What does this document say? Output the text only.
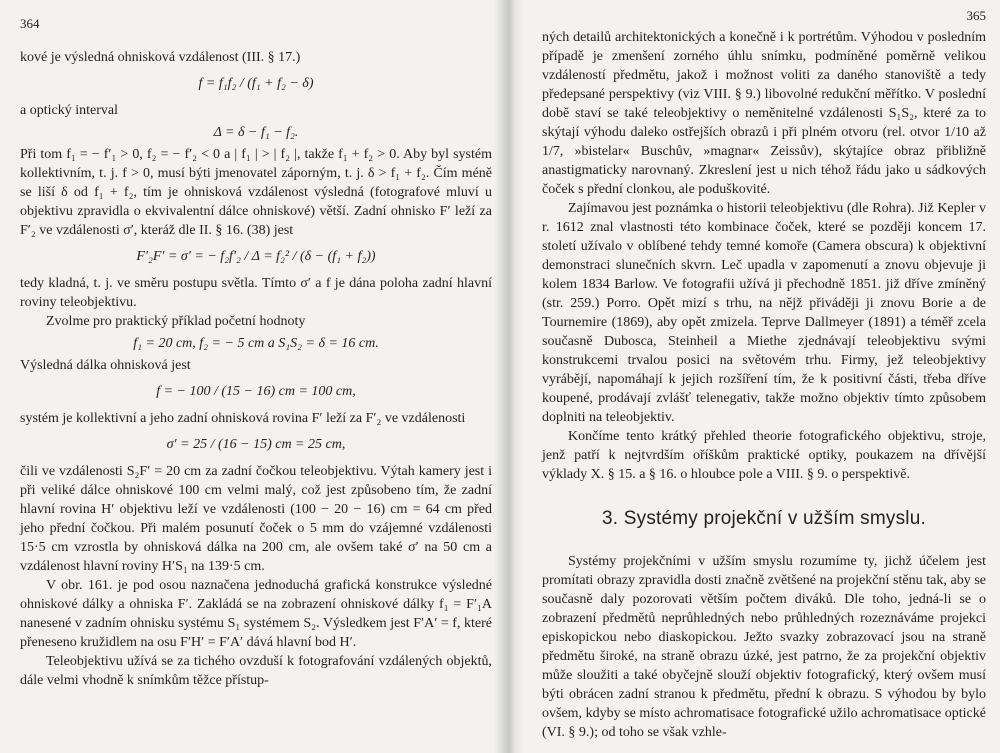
364

kové je výsledná ohnisková vzdálenost (III. § 17.)

f = f₁f₂ / (f₁ + f₂ − δ)

a optický interval

Δ = δ − f₁ − f₂.

Při tom f₁ = − f′₁ > 0, f₂ = − f′₂ < 0 a | f₁ | > | f₂ |, takže f₁ + f₂ > 0. Aby byl systém kollektivním, t. j. f > 0, musí býti jmenovatel záporným, t. j. δ > f₁ + f₂. Čím méně se liší δ od f₁ + f₂, tím je ohnisková vzdálenost výsledná (fotografové mluví u objektivu zpravidla o ekvivalentní dálce ohniskové) větší. Zadní ohnisko F′ leží za F′₂ ve vzdálenosti σ′, kteráž dle II. § 16. (38) jest

F′₂F′ = σ′ = − f₂f′₂ / Δ = f₂² / (δ − (f₁ + f₂))

tedy kladná, t. j. ve směru postupu světla. Tímto σ′ a f je dána poloha zadní hlavní roviny teleobjektivu.

Zvolme pro praktický příklad početní hodnoty

f₁ = 20 cm, f₂ = − 5 cm a S₁S₂ = δ = 16 cm.

Výsledná dálka ohnisková jest

f = − 100 / (15 − 16) cm = 100 cm,

systém je kollektivní a jeho zadní ohnisková rovina F′ leží za F′₂ ve vzdálenosti

σ′ = 25 / (16 − 15) cm = 25 cm,

čili ve vzdálenosti S₂F′ = 20 cm za zadní čočkou teleobjektivu. Výtah kamery jest i při veliké dálce ohniskové 100 cm velmi malý, což jest způsobeno tím, že zadní hlavní rovina H′ objektivu leží ve vzdálenosti (100 − 20 − 16) cm = 64 cm před jeho přední čočkou. Při malém posunutí čoček o 5 mm do vzájemné vzdálenosti 15·5 cm vzrostla by ohnisková dálka na 200 cm, ale ovšem také σ′ na 50 cm a vzdálenost hlavní roviny H′S₁ na 139·5 cm.

V obr. 161. je pod osou naznačena jednoduchá grafická konstrukce výsledné ohniskové dálky a ohniska F′. Zakládá se na zobrazení ohniskové dálky f₁ = F′₁A nanesené v zadním ohnisku systému S₁ systémem S₂. Výsledkem jest F′A′ = f, které přeneseno kružidlem na osu F′H′ = F′A′ dává hlavní bod H′.

Teleobjektivu užívá se za tichého ovzduší k fotografování vzdálených objektů, dále velmi vhodně k snímkům těžce přístup-

365

ných detailů architektonických a konečně i k portrétům. Výhodou v posledním případě je zmenšení zorného úhlu snímku, podmíněné poměrně velikou vzdáleností předmětu, jakož i možnost voliti za daného stanoviště a tedy předepsané perspektivy (viz VIII. § 9.) libovolné redukční měřítko. V poslední době staví se také teleobjektivy o neměnitelné vzdálenosti S₁S₂, které za to skýtají výhodu daleko ostřejších obrazů i při plném otvoru (rel. otvor 1/10 až 1/7, »bistelar« Buschův, »magnar« Zeissův), skýtajíce obraz přibližně anastigmaticky narovnaný. Zkreslení jest u nich téhož řádu jako u sádkových čoček s přední clonkou, ale poduškovité.

Zajímavou jest poznámka o historii teleobjektivu (dle Rohra). Již Kepler v r. 1612 znal vlastnosti této kombinace čoček, které se později koncem 17. století užívalo v oblíbené tehdy temné komoře (Camera obscura) k objektivní demonstraci slunečních skvrn. Leč upadla v zapomenutí a znovu objevuje ji kolem 1834 Barlow. Ve fotografii užívá ji přechodně 1851. již dříve zmíněný (str. 259.) Porro. Opět mizí s trhu, na nějž přiváději ji znovu Borie a de Tournemire (1869), aby opět zmizela. Teprve Dallmeyer (1891) a téměř zcela současně Dubosca, Steinheil a Miethe zjednávají teleobjektivu svými konstrukcemi trvalou posici na světovém trhu. Firmy, jež teleobjektivy vyrábějí, napomáhají k jejich rozšíření tím, že k positivní části, třeba dříve koupené, prodávají zvlášť telenegativ, takže možno objektiv tímto způsobem doplniti na teleobjektiv.

Končíme tento krátký přehled theorie fotografického objektivu, stroje, jenž patří k nejtvrdším oříškům praktické optiky, poukazem na dřívější výklady X. § 15. a § 16. o hloubce pole a VIII. § 9. o perspektivě.

3. Systémy projekční v užším smyslu.

Systémy projekčními v užším smyslu rozumíme ty, jichž účelem jest promítati obrazy zpravidla dosti značně zvětšené na projekční stěnu tak, aby se současně daly pozorovati větším počtem diváků. Dle toho, jedná-li se o zobrazení předmětů neprůhledných nebo průhledných rozeznáváme projekci episkopickou nebo diaskopickou. Ježto svazky zobrazovací jsou na straně předmětu široké, na straně obrazu úzké, jest patrno, že za projekční objektiv může sloužiti a také obyčejně slouží objektiv fotografický, který ovšem musí býti obrácen zadní stranou k předmětu, přední k obrazu. S výhodou by bylo ovšem, kdyby se místo achromatisace fotografické užilo achromatisace optické (VI. § 9.); od toho se však vzhle-
